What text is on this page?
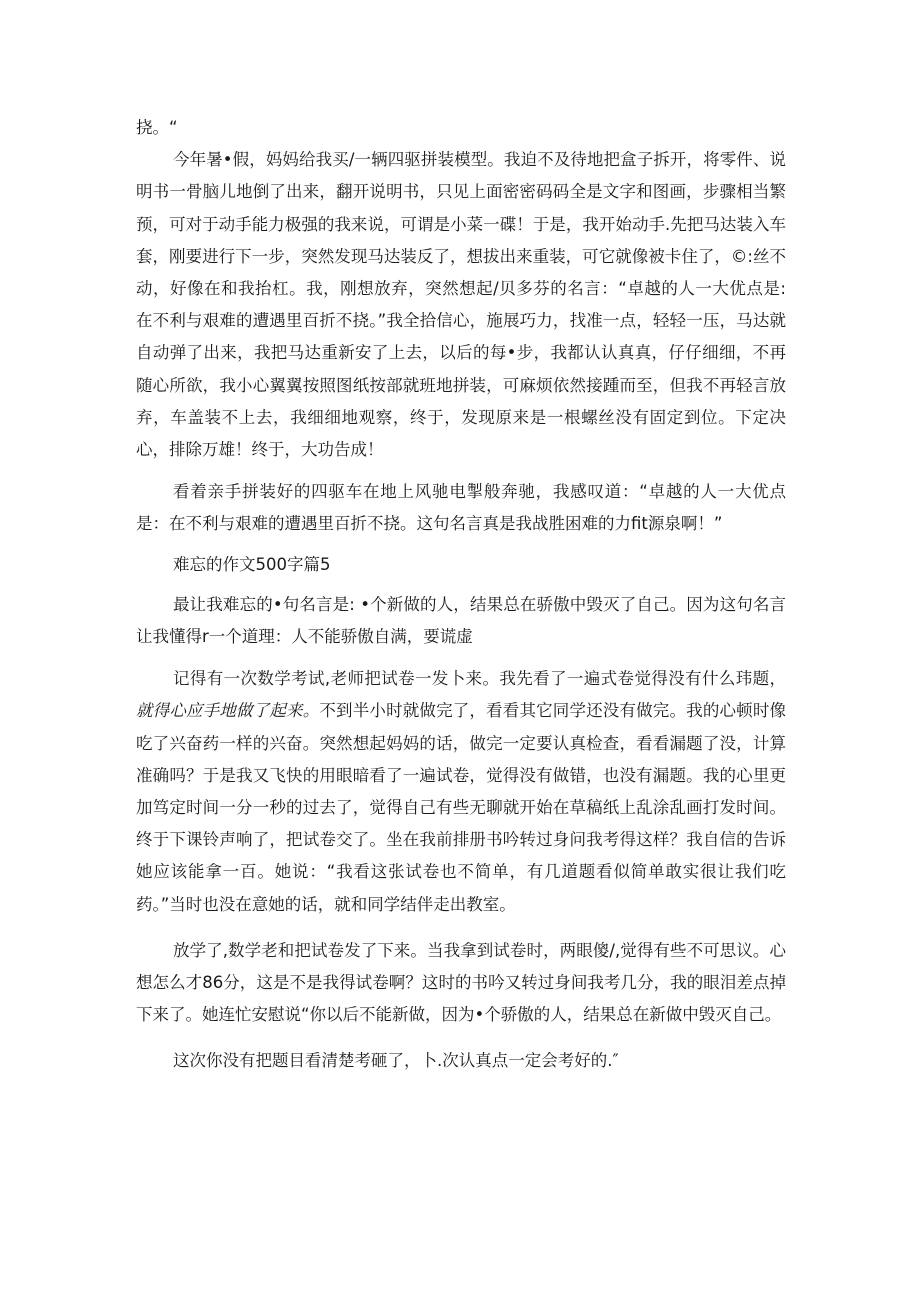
挠。“

今年暑•假，妈妈给我买/一辆四驱拼装模型。我迫不及待地把盒子拆开，将零件、说明书一骨脑儿地倒了出来，翻开说明书，只见上面密密码码全是文字和图画，步骤相当繁预，可对于动手能力极强的我来说，可谓是小菜一碟！于是，我开始动手.先把马达装入车套，刚要进行下一步，突然发现马达装反了，想拔出来重装，可它就像被卡住了，©:丝不动，好像在和我抬杠。我，刚想放弃，突然想起/贝多芬的名言：“卓越的人一大优点是: 在不利与艰难的遭遇里百折不挠。”我全拾信心，施展巧力，找准一点，轻轻一压，马达就自动弹了出来，我把马达重新安了上去，以后的每•步，我都认认真真，仔仔细细，不再随心所欲，我小心翼翼按照图纸按部就班地拼装，可麻烦依然接踵而至，但我不再轻言放弃，车盖装不上去，我细细地观察，终于，发现原来是一根螺丝没有固定到位。下定决心，排除万雄！终于，大功告成！

看着亲手拼装好的四驱车在地上风驰电掣般奔驰，我感叹道：“卓越的人一大优点是：在不利与艰难的遭遇里百折不挠。这句名言真是我战胜困难的力fit源泉啊！”

难忘的作文500字篇5

最让我难忘的•句名言是: •个新做的人，结果总在骄傲中毁灭了自己。因为这句名言让我懂得r一个道理：人不能骄傲自满，要谎虚

记得有一次数学考试,老师把试卷一发卜来。我先看了一遍式卷觉得没有什么玮题，就得心应手地做了起来。不到半小时就做完了，看看其它同学还没有做完。我的心顿时像吃了兴奋药一样的兴奋。突然想起妈妈的话，做完一定要认真检查，看看漏题了没，计算准确吗？于是我又飞快的用眼暗看了一遍试卷，觉得没有做错，也没有漏题。我的心里更加笃定时间一分一秒的过去了，觉得自己有些无聊就开始在草稿纸上乱涂乱画打发时间。终于下课铃声响了，把试卷交了。坐在我前排册书吟转过身问我考得这样？我自信的告诉她应该能拿一百。她说：“我看这张试卷也不简单，有几道题看似简单敢实很让我们吃药。”当时也没在意她的话，就和同学结伴走出教室。

放学了,数学老和把试卷发了下来。当我拿到试卷时，两眼傻/,觉得有些不可思议。心想怎么才86分，这是不是我得试卷啊？这时的书吟又转过身间我考几分，我的眼泪差点掉下来了。她连忙安慰说“你以后不能新做，因为•个骄傲的人，结果总在新做中毁灭自己。

这次你没有把题目看清楚考砸了，卜.次认真点一定会考好的.″
